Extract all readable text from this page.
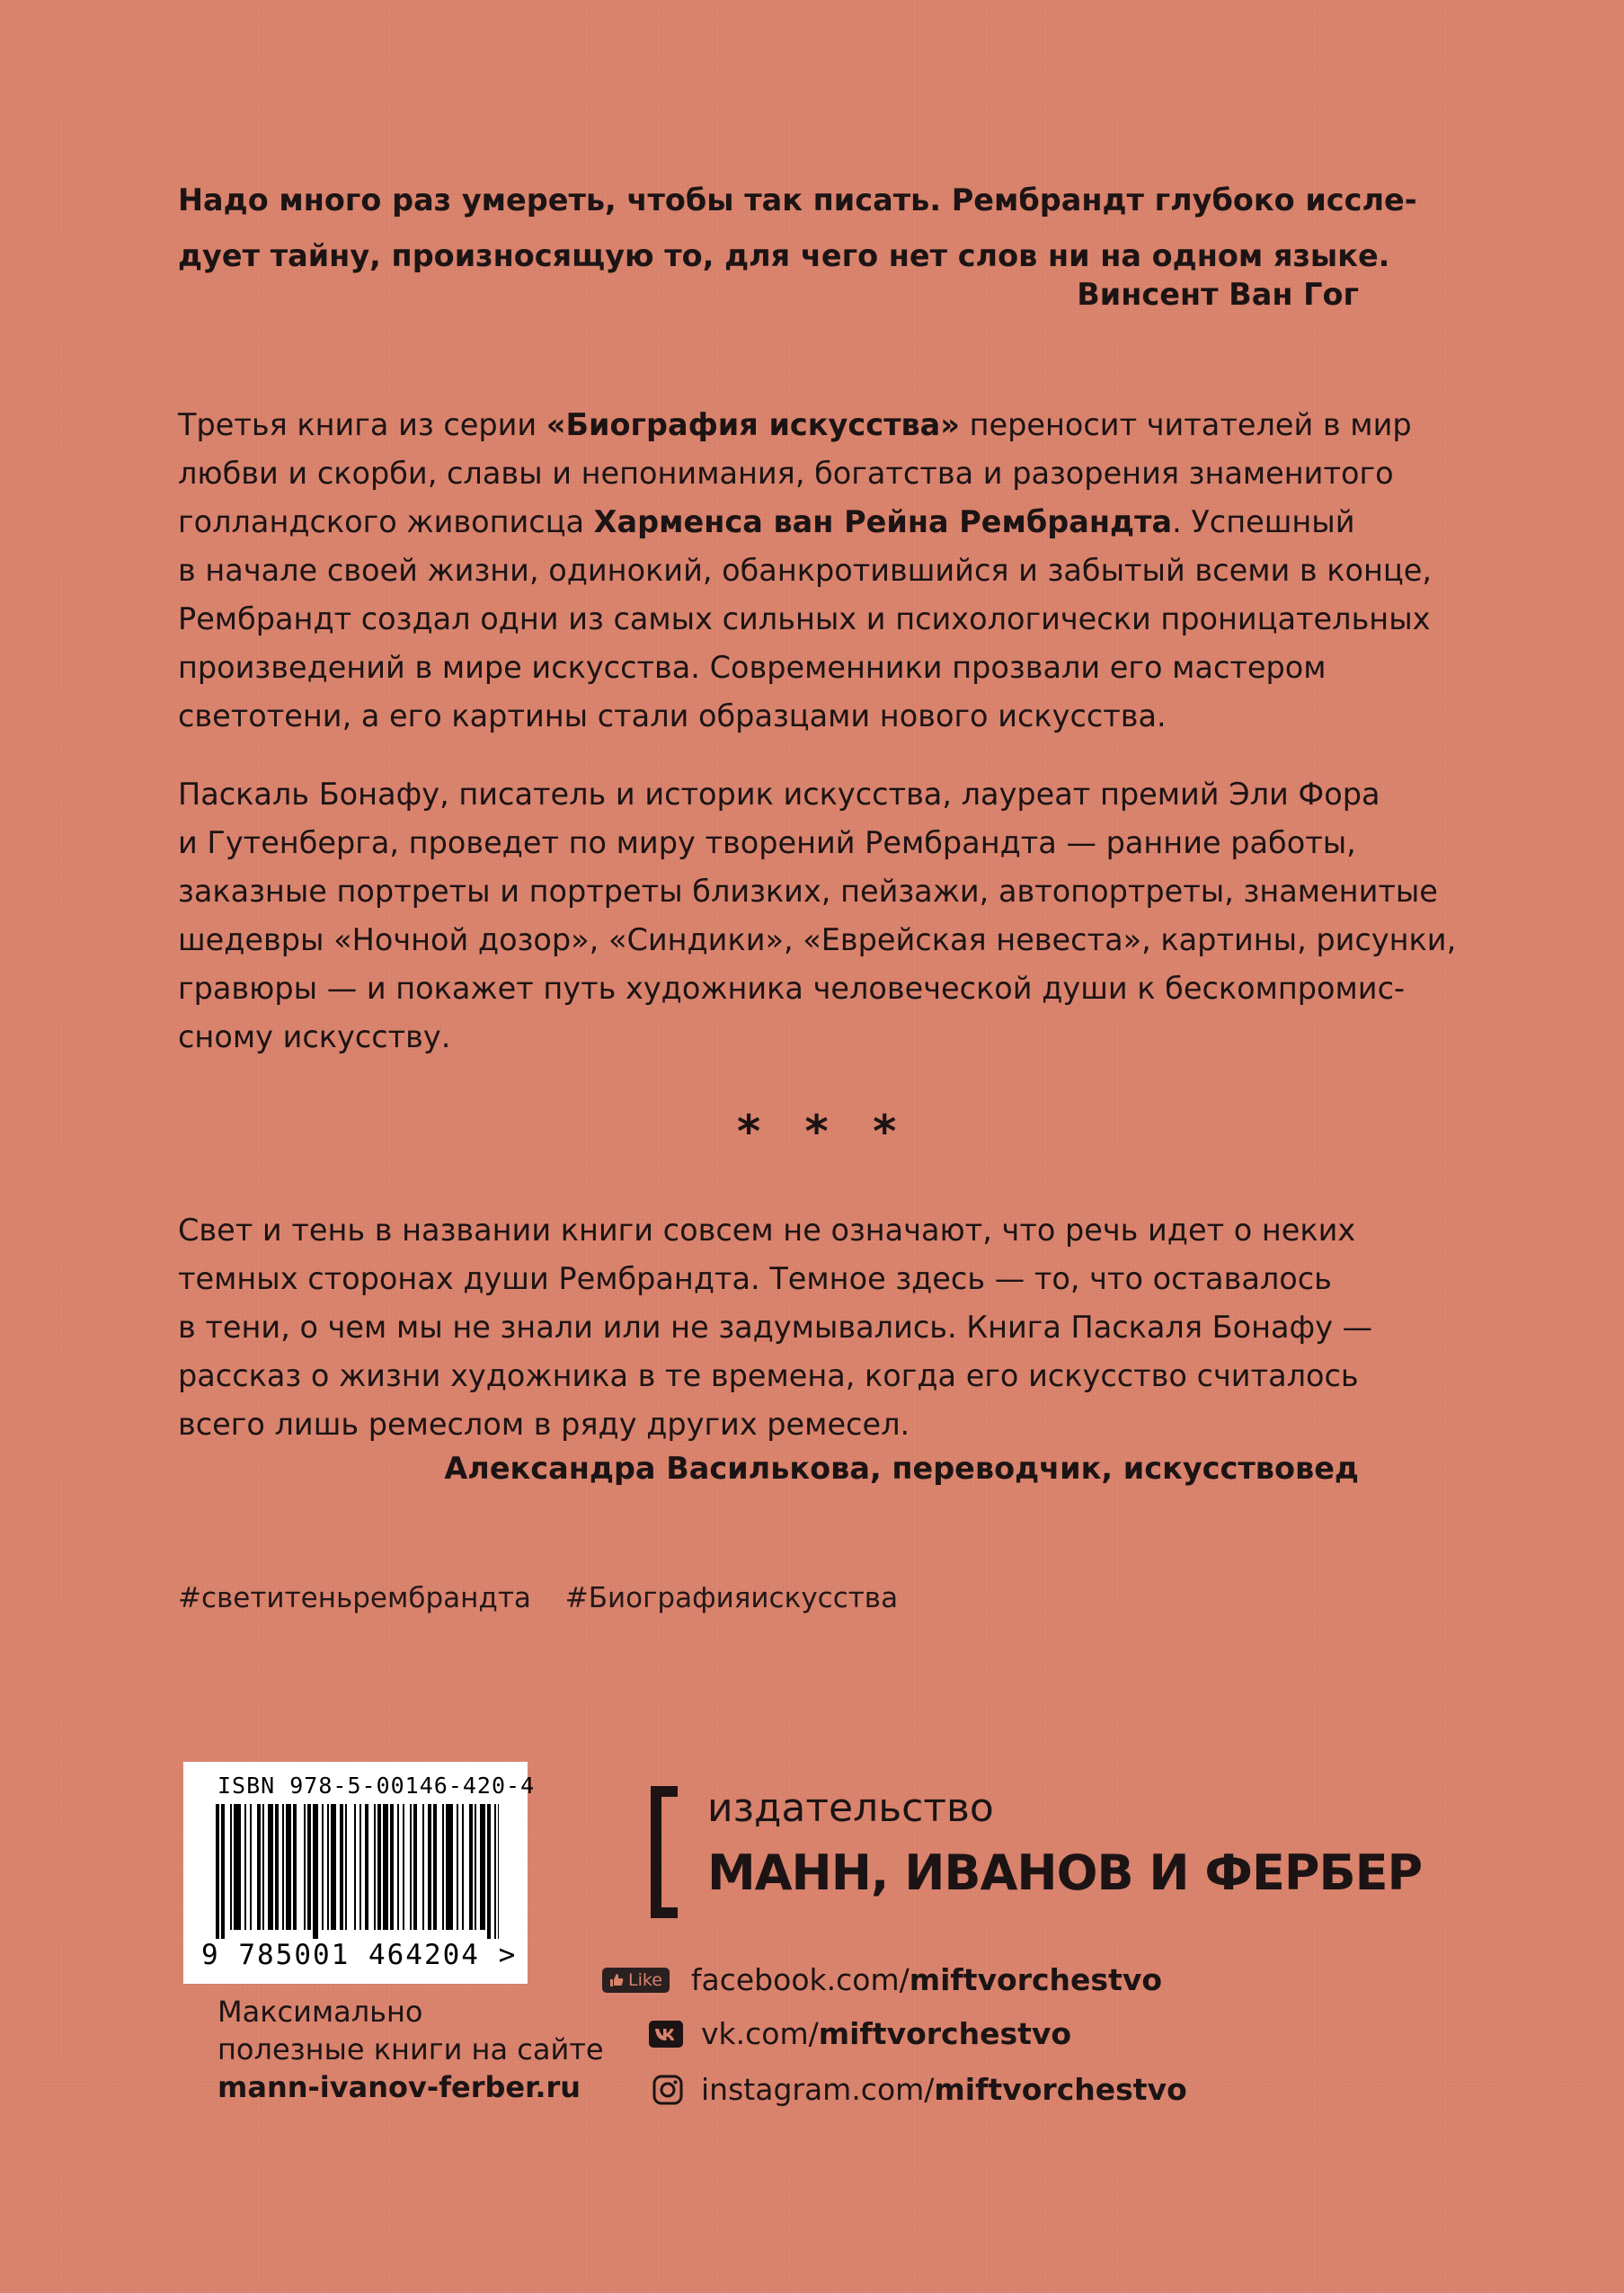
Надо много раз умереть, чтобы так писать. Рембрандт глубоко иссле-
дует тайну, произносящую то, для чего нет слов ни на одном языке.
Винсент Ван Гог
Третья книга из серии «Биография искусства» переносит читателей в мир
любви и скорби, славы и непонимания, богатства и разорения знаменитого
голландского живописца Харменса ван Рейна Рембрандта. Успешный
в начале своей жизни, одинокий, обанкротившийся и забытый всеми в конце,
Рембрандт создал одни из самых сильных и психологически проницательных
произведений в мире искусства. Современники прозвали его мастером
светотени, а его картины стали образцами нового искусства.
Паскаль Бонафу, писатель и историк искусства, лауреат премий Эли Фора
и Гутенберга, проведет по миру творений Рембрандта — ранние работы,
заказные портреты и портреты близких, пейзажи, автопортреты, знаменитые
шедевры «Ночной дозор», «Синдики», «Еврейская невеста», картины, рисунки,
гравюры — и покажет путь художника человеческой души к бескомпромис-
сному искусству.
* * *
Свет и тень в названии книги совсем не означают, что речь идет о неких
темных сторонах души Рембрандта. Темное здесь — то, что оставалось
в тени, о чем мы не знали или не задумывались. Книга Паскаля Бонафу —
рассказ о жизни художника в те времена, когда его искусство считалось
всего лишь ремеслом в ряду других ремесел.
Александра Василькова, переводчик, искусствовед
#светитеньрембрандта #Биографияискусства
ISBN 978-5-00146-420-4
9 785001 464204 >
Максимально
полезные книги на сайте
mann-ivanov-ferber.ru
издательство
МАНН, ИВАНОВ И ФЕРБЕР
Like facebook.com/ miftvorchestvo
vk.com/ miftvorchestvo
instagram.com/ miftvorchestvo
